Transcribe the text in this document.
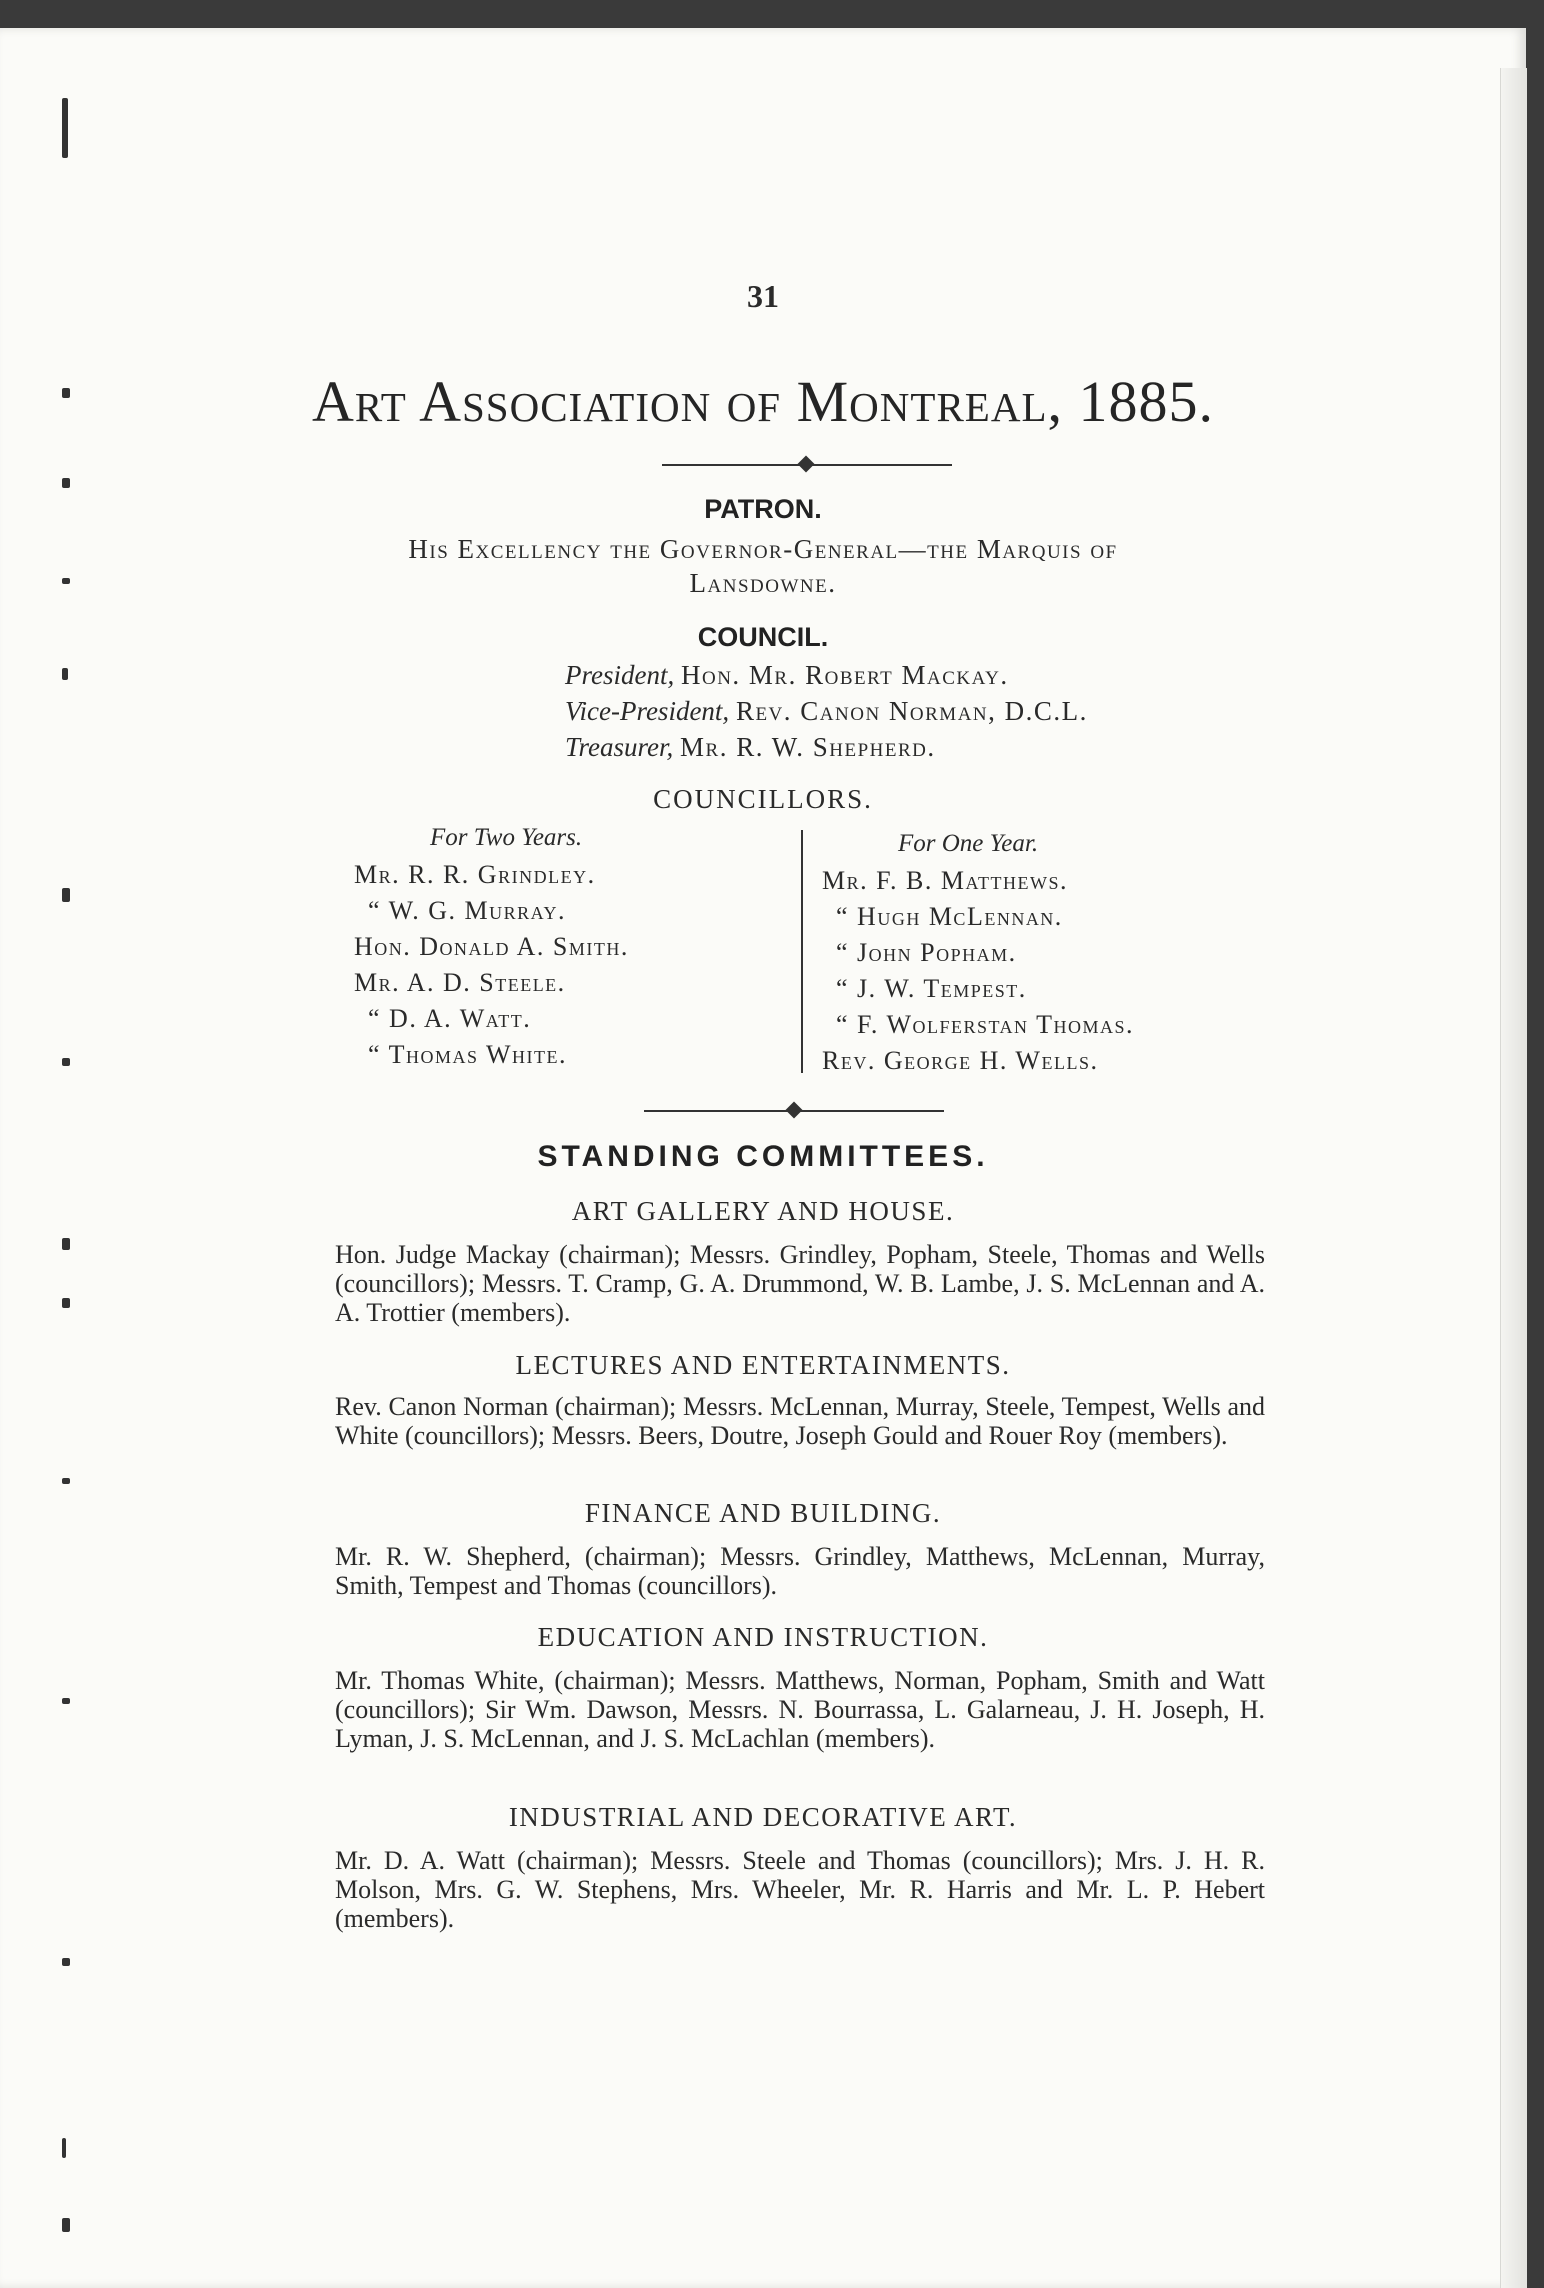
31
Art Association of Montreal, 1885.
PATRON.
His Excellency the Governor-General—the Marquis of
Lansdowne.
COUNCIL.
President, Hon. Mr. Robert Mackay.
Vice-President, Rev. Canon Norman, D.C.L.
Treasurer, Mr. R. W. Shepherd.
COUNCILLORS.
For Two Years.
Mr. R. R. Grindley.
“ W. G. Murray.
Hon. Donald A. Smith.
Mr. A. D. Steele.
“ D. A. Watt.
“ Thomas White.
For One Year.
Mr. F. B. Matthews.
“ Hugh McLennan.
“ John Popham.
“ J. W. Tempest.
“ F. Wolferstan Thomas.
Rev. George H. Wells.
STANDING COMMITTEES.
ART GALLERY AND HOUSE.
Hon. Judge Mackay (chairman); Messrs. Grindley, Popham, Steele, Thomas and Wells (councillors); Messrs. T. Cramp, G. A. Drummond, W. B. Lambe, J. S. McLennan and A. A. Trottier (members).
LECTURES AND ENTERTAINMENTS.
Rev. Canon Norman (chairman); Messrs. McLennan, Murray, Steele, Tempest, Wells and White (councillors); Messrs. Beers, Doutre, Joseph Gould and Rouer Roy (members).
FINANCE AND BUILDING.
Mr. R. W. Shepherd, (chairman); Messrs. Grindley, Matthews, McLennan, Murray, Smith, Tempest and Thomas (councillors).
EDUCATION AND INSTRUCTION.
Mr. Thomas White, (chairman); Messrs. Matthews, Norman, Popham, Smith and Watt (councillors); Sir Wm. Dawson, Messrs. N. Bourrassa, L. Galarneau, J. H. Joseph, H. Lyman, J. S. McLennan, and J. S. McLachlan (members).
INDUSTRIAL AND DECORATIVE ART.
Mr. D. A. Watt (chairman); Messrs. Steele and Thomas (councillors); Mrs. J. H. R. Molson, Mrs. G. W. Stephens, Mrs. Wheeler, Mr. R. Harris and Mr. L. P. Hebert (members).
